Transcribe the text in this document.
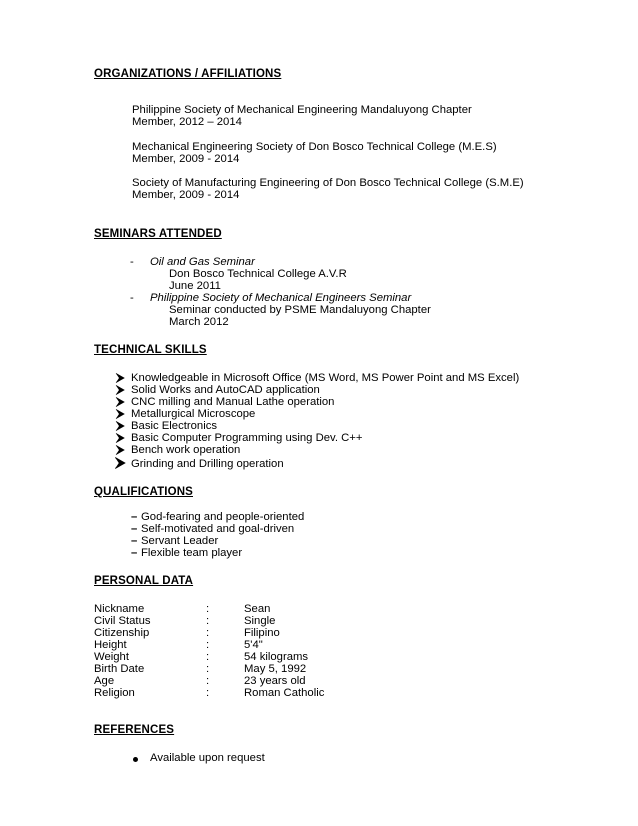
ORGANIZATIONS / AFFILIATIONS
Philippine Society of Mechanical Engineering Mandaluyong Chapter
Member, 2012 – 2014
Mechanical Engineering Society of Don Bosco Technical College (M.E.S)
Member, 2009 - 2014
Society of Manufacturing Engineering of Don Bosco Technical College (S.M.E)
Member, 2009 - 2014
SEMINARS ATTENDED
- Oil and Gas Seminar
Don Bosco Technical College A.V.R
June 2011
- Philippine Society of Mechanical Engineers Seminar
Seminar conducted by PSME Mandaluyong Chapter
March 2012
TECHNICAL SKILLS
Knowledgeable in Microsoft Office (MS Word, MS Power Point and MS Excel)
Solid Works and AutoCAD application
CNC milling and Manual Lathe operation
Metallurgical Microscope
Basic Electronics
Basic Computer Programming using Dev. C++
Bench work operation
Grinding and Drilling operation
QUALIFICATIONS
– God-fearing and people-oriented
– Self-motivated and goal-driven
– Servant Leader
– Flexible team player
PERSONAL DATA
Nickname	:	Sean
Civil Status	:	Single
Citizenship	:	Filipino
Height	:	5'4"
Weight	:	54 kilograms
Birth Date	:	May 5, 1992
Age	:	23 years old
Religion	:	Roman Catholic
REFERENCES
Available upon request
